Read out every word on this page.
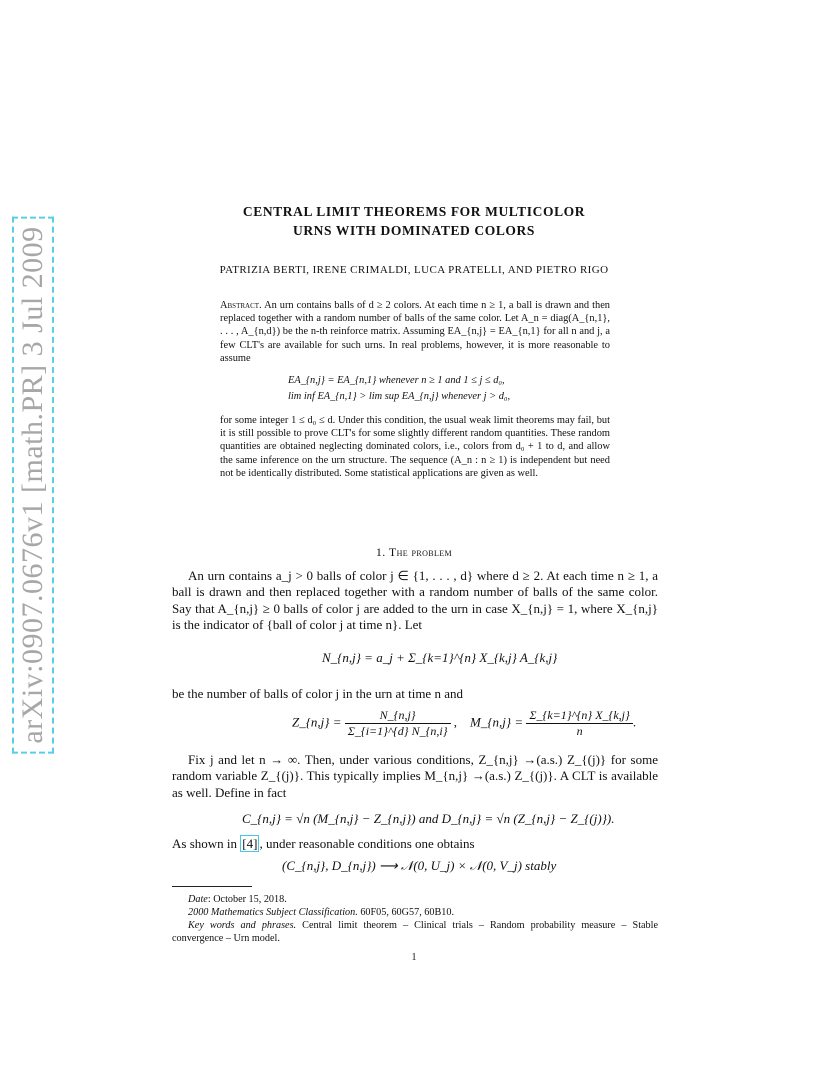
arXiv:0907.0676v1 [math.PR] 3 Jul 2009
CENTRAL LIMIT THEOREMS FOR MULTICOLOR
URNS WITH DOMINATED COLORS
PATRIZIA BERTI, IRENE CRIMALDI, LUCA PRATELLI, AND PIETRO RIGO
Abstract. An urn contains balls of d ≥ 2 colors. At each time n ≥ 1, a ball is drawn and then replaced together with a random number of balls of the same color. Let A_n = diag(A_{n,1}, . . . , A_{n,d}) be the n-th reinforce matrix. Assuming EA_{n,j} = EA_{n,1} for all n and j, a few CLT's are available for such urns. In real problems, however, it is more reasonable to assume
EA_{n,j} = EA_{n,1} whenever n ≥ 1 and 1 ≤ j ≤ d₀,
lim inf EA_{n,1} > lim sup EA_{n,j} whenever j > d₀,
for some integer 1 ≤ d₀ ≤ d. Under this condition, the usual weak limit theorems may fail, but it is still possible to prove CLT's for some slightly different random quantities. These random quantities are obtained neglecting dominated colors, i.e., colors from d₀ + 1 to d, and allow the same inference on the urn structure. The sequence (A_n : n ≥ 1) is independent but need not be identically distributed. Some statistical applications are given as well.
1. The problem
An urn contains a_j > 0 balls of color j ∈ {1, . . . , d} where d ≥ 2. At each time n ≥ 1, a ball is drawn and then replaced together with a random number of balls of the same color. Say that A_{n,j} ≥ 0 balls of color j are added to the urn in case X_{n,j} = 1, where X_{n,j} is the indicator of {ball of color j at time n}. Let
N_{n,j} = a_j + Σ_{k=1}^{n} X_{k,j} A_{k,j}
be the number of balls of color j in the urn at time n and
Z_{n,j} = $\frac{N\_\{n,j\}}{\Sigma\_\{i=1\}\^{}\{d\} N\_\{n,i\}}$ ,    M_{n,j} = $\frac{\Sigma\_\{k=1\}\^{}\{n\} X\_\{k,j\}}{n}$ .
Fix j and let n → ∞. Then, under various conditions, Z_{n,j} →(a.s.) Z_{(j)} for some random variable Z_{(j)}. This typically implies M_{n,j} →(a.s.) Z_{(j)}. A CLT is available as well. Define in fact
C_{n,j} = √n (M_{n,j} − Z_{n,j}) and D_{n,j} = √n (Z_{n,j} − Z_{(j)}).
As shown in [4] , under reasonable conditions one obtains
(C_{n,j}, D_{n,j}) ⟶ 𝒩(0, U_j) × 𝒩(0, V_j) stably
Date: October 15, 2018.
2000 Mathematics Subject Classification. 60F05, 60G57, 60B10.
Key words and phrases. Central limit theorem – Clinical trials – Random probability measure – Stable convergence – Urn model.
1
